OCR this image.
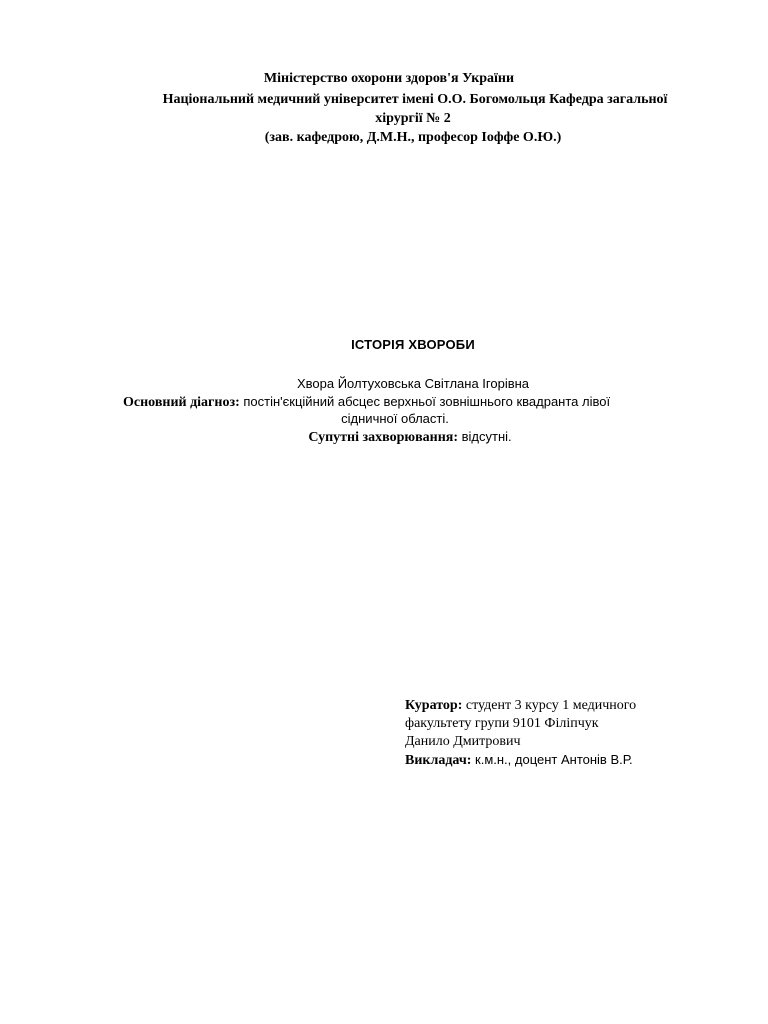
Міністерство охорони здоров'я України
Національний медичний університет імені О.О. Богомольця Кафедра загальної
хірургії № 2
(зав. кафедрою, Д.М.Н., професор Іоффе О.Ю.)
ІСТОРІЯ ХВОРОБИ
Хвора Йолтуховська Світлана Ігорівна
Основний діагноз: постін'єкційний абсцес верхньої зовнішнього квадранта лівої
сідничної області.
Супутні захворювання: відсутні.
Куратор: студент 3 курсу 1 медичного
факультету групи 9101 Філіпчук
Данило Дмитрович
Викладач: к.м.н., доцент Антонів В.Р.
